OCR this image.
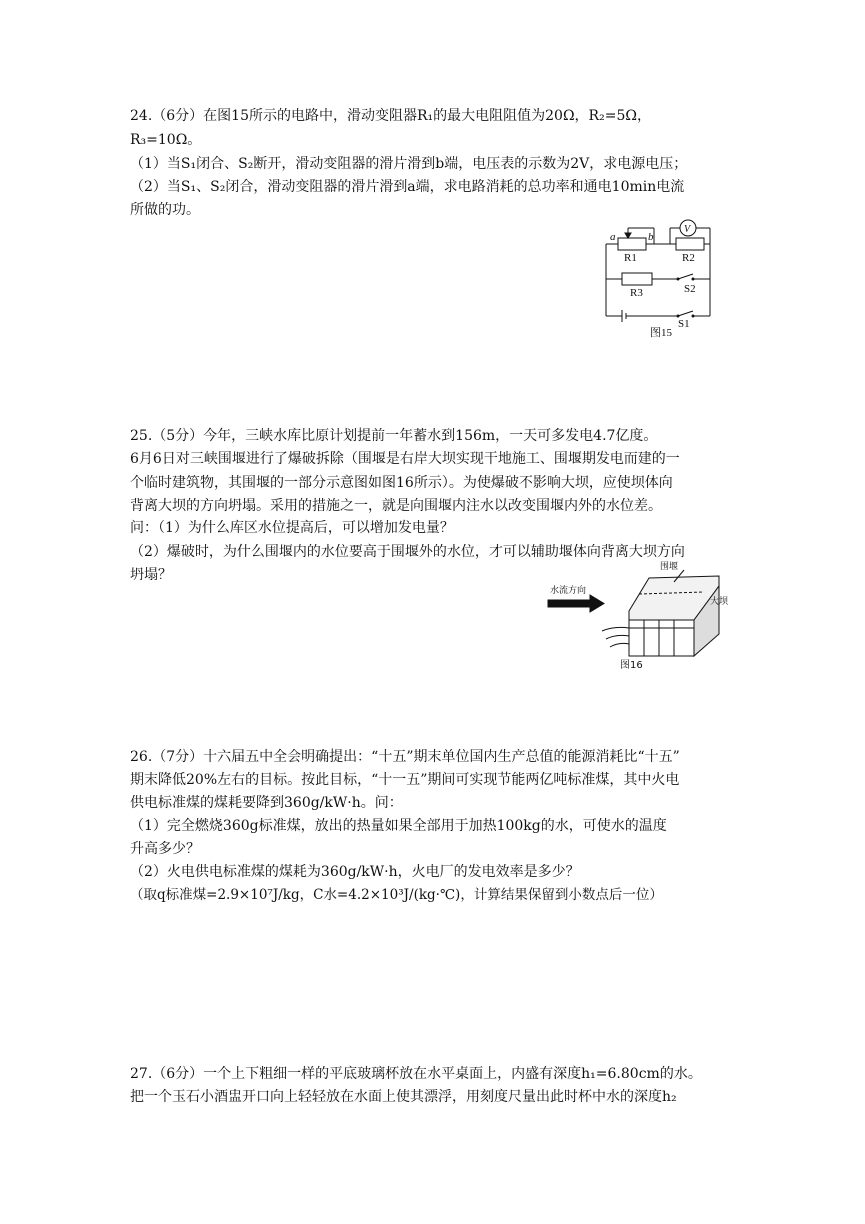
24.（6分）在图15所示的电路中，滑动变阻器R₁的最大电阻阻值为20Ω，R₂=5Ω，
R₃=10Ω。
（1）当S₁闭合、S₂断开，滑动变阻器的滑片滑到b端，电压表的示数为2V，求电源电压；
（2）当S₁、S₂闭合，滑动变阻器的滑片滑到a端，求电路消耗的总功率和通电10min电流
所做的功。
a	b
V
R1	R2
R3	S2
S1
图15
25.（5分）今年，三峡水库比原计划提前一年蓄水到156m，一天可多发电4.7亿度。
6月6日对三峡围堰进行了爆破拆除（围堰是右岸大坝实现干地施工、围堰期发电而建的一
个临时建筑物，其围堰的一部分示意图如图16所示）。为使爆破不影响大坝，应使坝体向
背离大坝的方向坍塌。采用的措施之一，就是向围堰内注水以改变围堰内外的水位差。
问：（1）为什么库区水位提高后，可以增加发电量？
（2）爆破时，为什么围堰内的水位要高于围堰外的水位，才可以辅助堰体向背离大坝方向
坍塌？
水流方向
围堰
大坝
图16
26.（7分）十六届五中全会明确提出：“十五”期末单位国内生产总值的能源消耗比“十五”
期末降低20%左右的目标。按此目标，“十一五”期间可实现节能两亿吨标准煤，其中火电
供电标准煤的煤耗要降到360g/kW·h。问：
（1）完全燃烧360g标准煤，放出的热量如果全部用于加热100kg的水，可使水的温度
升高多少？
（2）火电供电标准煤的煤耗为360g/kW·h，火电厂的发电效率是多少？
（取q标准煤=2.9×10⁷J/kg，C水=4.2×10³J/(kg·℃)，计算结果保留到小数点后一位）
27.（6分）一个上下粗细一样的平底玻璃杯放在水平桌面上，内盛有深度h₁=6.80cm的水。
把一个玉石小酒盅开口向上轻轻放在水面上使其漂浮，用刻度尺量出此时杯中水的深度h₂
